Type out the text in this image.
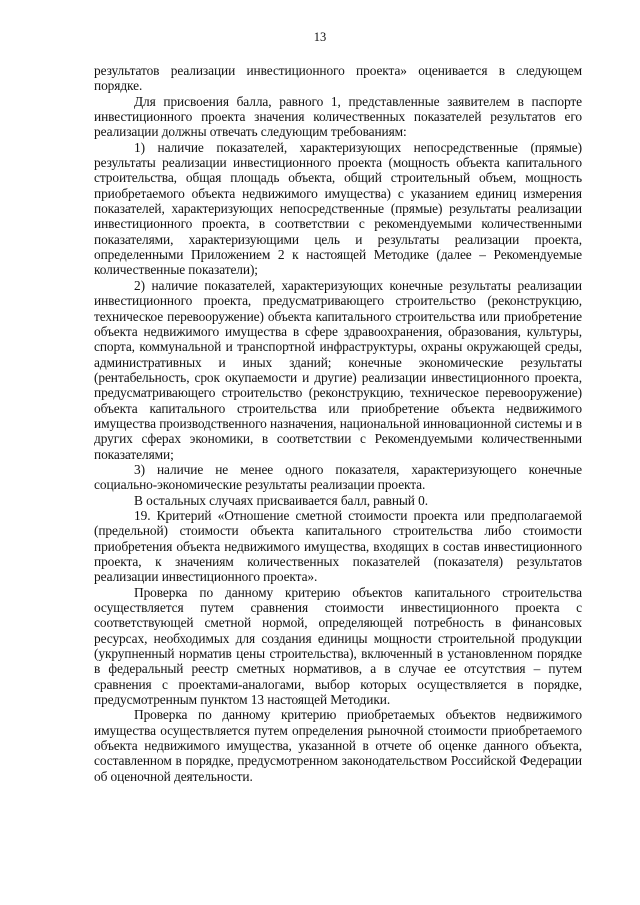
13

результатов реализации инвестиционного проекта» оценивается в следующем порядке.

Для присвоения балла, равного 1, представленные заявителем в паспорте инвестиционного проекта значения количественных показателей результатов его реализации должны отвечать следующим требованиям:

1) наличие показателей, характеризующих непосредственные (прямые) результаты реализации инвестиционного проекта (мощность объекта капитального строительства, общая площадь объекта, общий строительный объем, мощность приобретаемого объекта недвижимого имущества) с указанием единиц измерения показателей, характеризующих непосредственные (прямые) результаты реализации инвестиционного проекта, в соответствии с рекомендуемыми количественными показателями, характеризующими цель и результаты реализации проекта, определенными Приложением 2 к настоящей Методике (далее – Рекомендуемые количественные показатели);

2) наличие показателей, характеризующих конечные результаты реализации инвестиционного проекта, предусматривающего строительство (реконструкцию, техническое перевооружение) объекта капитального строительства или приобретение объекта недвижимого имущества в сфере здравоохранения, образования, культуры, спорта, коммунальной и транспортной инфраструктуры, охраны окружающей среды, административных и иных зданий; конечные экономические результаты (рентабельность, срок окупаемости и другие) реализации инвестиционного проекта, предусматривающего строительство (реконструкцию, техническое перевооружение) объекта капитального строительства или приобретение объекта недвижимого имущества производственного назначения, национальной инновационной системы и в других сферах экономики, в соответствии с Рекомендуемыми количественными показателями;

3) наличие не менее одного показателя, характеризующего конечные социально-экономические результаты реализации проекта.

В остальных случаях присваивается балл, равный 0.

19. Критерий «Отношение сметной стоимости проекта или предполагаемой (предельной) стоимости объекта капитального строительства либо стоимости приобретения объекта недвижимого имущества, входящих в состав инвестиционного проекта, к значениям количественных показателей (показателя) результатов реализации инвестиционного проекта».

Проверка по данному критерию объектов капитального строительства осуществляется путем сравнения стоимости инвестиционного проекта с соответствующей сметной нормой, определяющей потребность в финансовых ресурсах, необходимых для создания единицы мощности строительной продукции (укрупненный норматив цены строительства), включенный в установленном порядке в федеральный реестр сметных нормативов, а в случае ее отсутствия – путем сравнения с проектами-аналогами, выбор которых осуществляется в порядке, предусмотренным пунктом 13 настоящей Методики.

Проверка по данному критерию приобретаемых объектов недвижимого имущества осуществляется путем определения рыночной стоимости приобретаемого объекта недвижимого имущества, указанной в отчете об оценке данного объекта, составленном в порядке, предусмотренном законодательством Российской Федерации об оценочной деятельности.
